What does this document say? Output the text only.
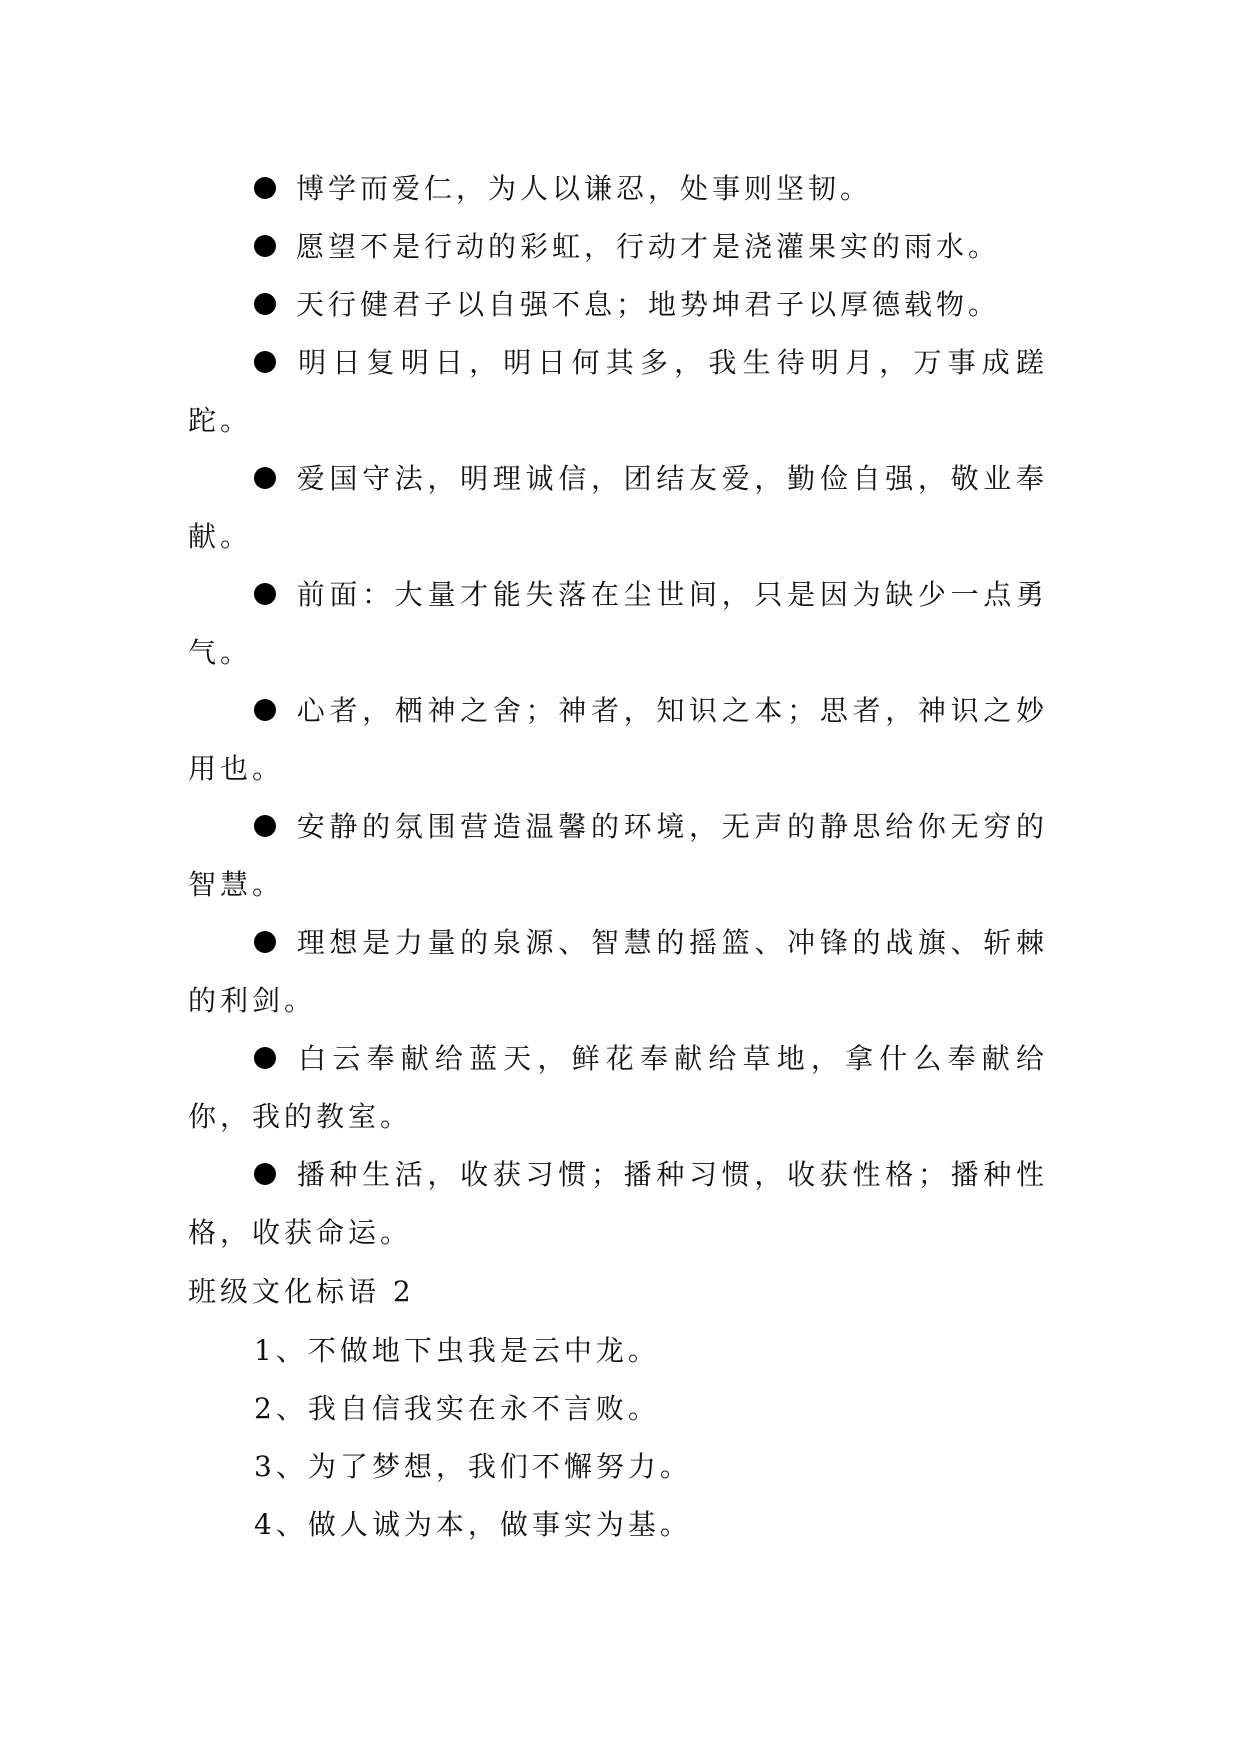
博学而爱仁，为人以谦忍，处事则坚韧。

愿望不是行动的彩虹，行动才是浇灌果实的雨水。

天行健君子以自强不息；地势坤君子以厚德载物。

明日复明日，明日何其多，我生待明月，万事成蹉跎。

爱国守法，明理诚信，团结友爱，勤俭自强，敬业奉献。

前面：大量才能失落在尘世间，只是因为缺少一点勇气。

心者，栖神之舍；神者，知识之本；思者，神识之妙用也。

安静的氛围营造温馨的环境，无声的静思给你无穷的智慧。

理想是力量的泉源、智慧的摇篮、冲锋的战旗、斩棘的利剑。

白云奉献给蓝天，鲜花奉献给草地，拿什么奉献给你，我的教室。

播种生活，收获习惯；播种习惯，收获性格；播种性格，收获命运。

班级文化标语 2

1、不做地下虫我是云中龙。

2、我自信我实在永不言败。

3、为了梦想，我们不懈努力。

4、做人诚为本，做事实为基。
